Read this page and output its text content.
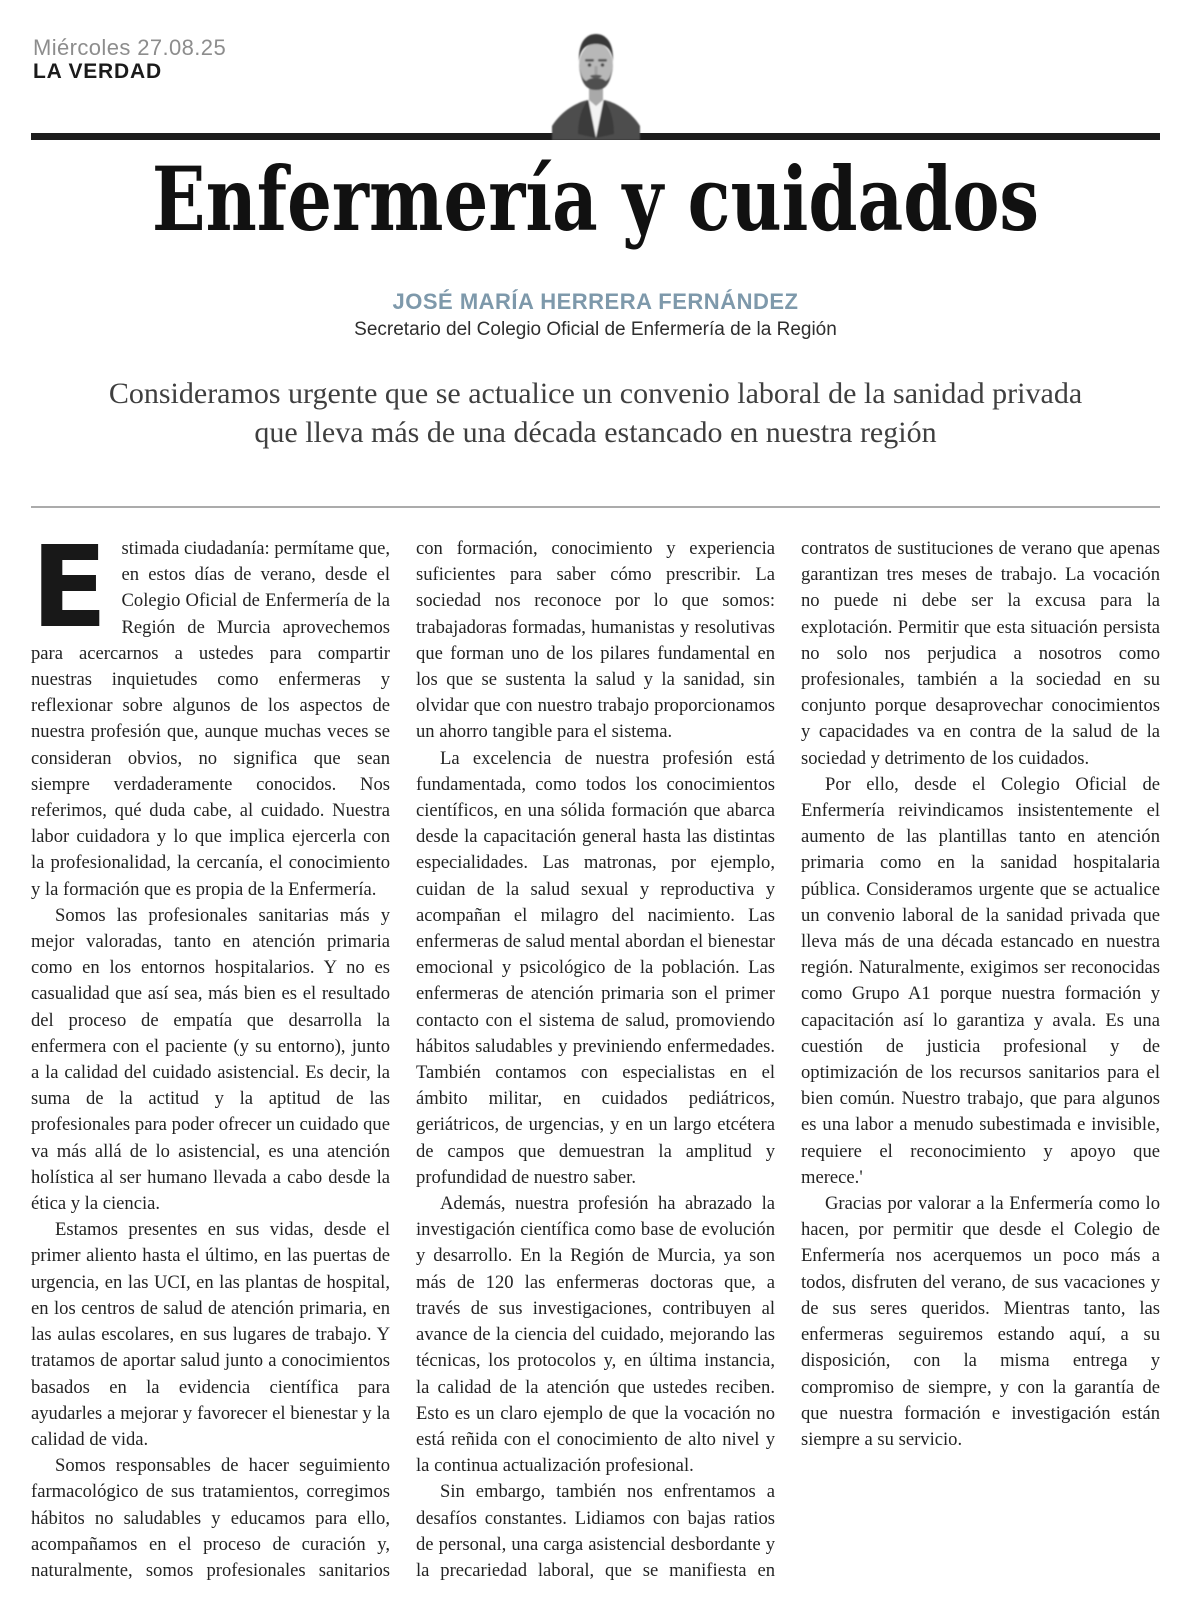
Miércoles 27.08.25
LA VERDAD
Enfermería y cuidados
JOSÉ MARÍA HERRERA FERNÁNDEZ
Secretario del Colegio Oficial de Enfermería de la Región

Consideramos urgente que se actualice un convenio laboral de la sanidad privada que lleva más de una década estancado en nuestra región

Estimada ciudadanía: permítame que, en estos días de verano, desde el Colegio Oficial de Enfermería de la Región de Murcia aprovechemos para acercarnos a ustedes para compartir nuestras inquietudes como enfermeras y reflexionar sobre algunos de los aspectos de nuestra profesión que, aunque muchas veces se consideran obvios, no significa que sean siempre verdaderamente conocidos. Nos referimos, qué duda cabe, al cuidado. Nuestra labor cuidadora y lo que implica ejercerla con la profesionalidad, la cercanía, el conocimiento y la formación que es propia de la Enfermería.

Somos las profesionales sanitarias más y mejor valoradas, tanto en atención primaria como en los entornos hospitalarios. Y no es casualidad que así sea, más bien es el resultado del proceso de empatía que desarrolla la enfermera con el paciente (y su entorno), junto a la calidad del cuidado asistencial. Es decir, la suma de la actitud y la aptitud de las profesionales para poder ofrecer un cuidado que va más allá de lo asistencial, es una atención holística al ser humano llevada a cabo desde la ética y la ciencia.

Estamos presentes en sus vidas, desde el primer aliento hasta el último, en las puertas de urgencia, en las UCI, en las plantas de hospital, en los centros de salud de atención primaria, en las aulas escolares, en sus lugares de trabajo. Y tratamos de aportar salud junto a conocimientos basados en la evidencia científica para ayudarles a mejorar y favorecer el bienestar y la calidad de vida.

Somos responsables de hacer seguimiento farmacológico de sus tratamientos, corregimos hábitos no saludables y educamos para ello, acompañamos en el proceso de curación y, naturalmente, somos profesionales sanitarios con formación, conocimiento y experiencia suficientes para saber cómo prescribir. La sociedad nos reconoce por lo que somos: trabajadoras formadas, humanistas y resolutivas que forman uno de los pilares fundamental en los que se sustenta la salud y la sanidad, sin olvidar que con nuestro trabajo proporcionamos un ahorro tangible para el sistema.

La excelencia de nuestra profesión está fundamentada, como todos los conocimientos científicos, en una sólida formación que abarca desde la capacitación general hasta las distintas especialidades. Las matronas, por ejemplo, cuidan de la salud sexual y reproductiva y acompañan el milagro del nacimiento. Las enfermeras de salud mental abordan el bienestar emocional y psicológico de la población. Las enfermeras de atención primaria son el primer contacto con el sistema de salud, promoviendo hábitos saludables y previniendo enfermedades. También contamos con especialistas en el ámbito militar, en cuidados pediátricos, geriátricos, de urgencias, y en un largo etcétera de campos que demuestran la amplitud y profundidad de nuestro saber.

Además, nuestra profesión ha abrazado la investigación científica como base de evolución y desarrollo. En la Región de Murcia, ya son más de 120 las enfermeras doctoras que, a través de sus investigaciones, contribuyen al avance de la ciencia del cuidado, mejorando las técnicas, los protocolos y, en última instancia, la calidad de la atención que ustedes reciben. Esto es un claro ejemplo de que la vocación no está reñida con el conocimiento de alto nivel y la continua actualización profesional.

Sin embargo, también nos enfrentamos a desafíos constantes. Lidiamos con bajas ratios de personal, una carga asistencial desbordante y la precariedad laboral, que se manifiesta en contratos de sustituciones de verano que apenas garantizan tres meses de trabajo. La vocación no puede ni debe ser la excusa para la explotación. Permitir que esta situación persista no solo nos perjudica a nosotros como profesionales, también a la sociedad en su conjunto porque desaprovechar conocimientos y capacidades va en contra de la salud de la sociedad y detrimento de los cuidados.

Por ello, desde el Colegio Oficial de Enfermería reivindicamos insistentemente el aumento de las plantillas tanto en atención primaria como en la sanidad hospitalaria pública. Consideramos urgente que se actualice un convenio laboral de la sanidad privada que lleva más de una década estancado en nuestra región. Naturalmente, exigimos ser reconocidas como Grupo A1 porque nuestra formación y capacitación así lo garantiza y avala. Es una cuestión de justicia profesional y de optimización de los recursos sanitarios para el bien común. Nuestro trabajo, que para algunos es una labor a menudo subestimada e invisible, requiere el reconocimiento y apoyo que merece.'

Gracias por valorar a la Enfermería como lo hacen, por permitir que desde el Colegio de Enfermería nos acerquemos un poco más a todos, disfruten del verano, de sus vacaciones y de sus seres queridos. Mientras tanto, las enfermeras seguiremos estando aquí, a su disposición, con la misma entrega y compromiso de siempre, y con la garantía de que nuestra formación e investigación están siempre a su servicio.
